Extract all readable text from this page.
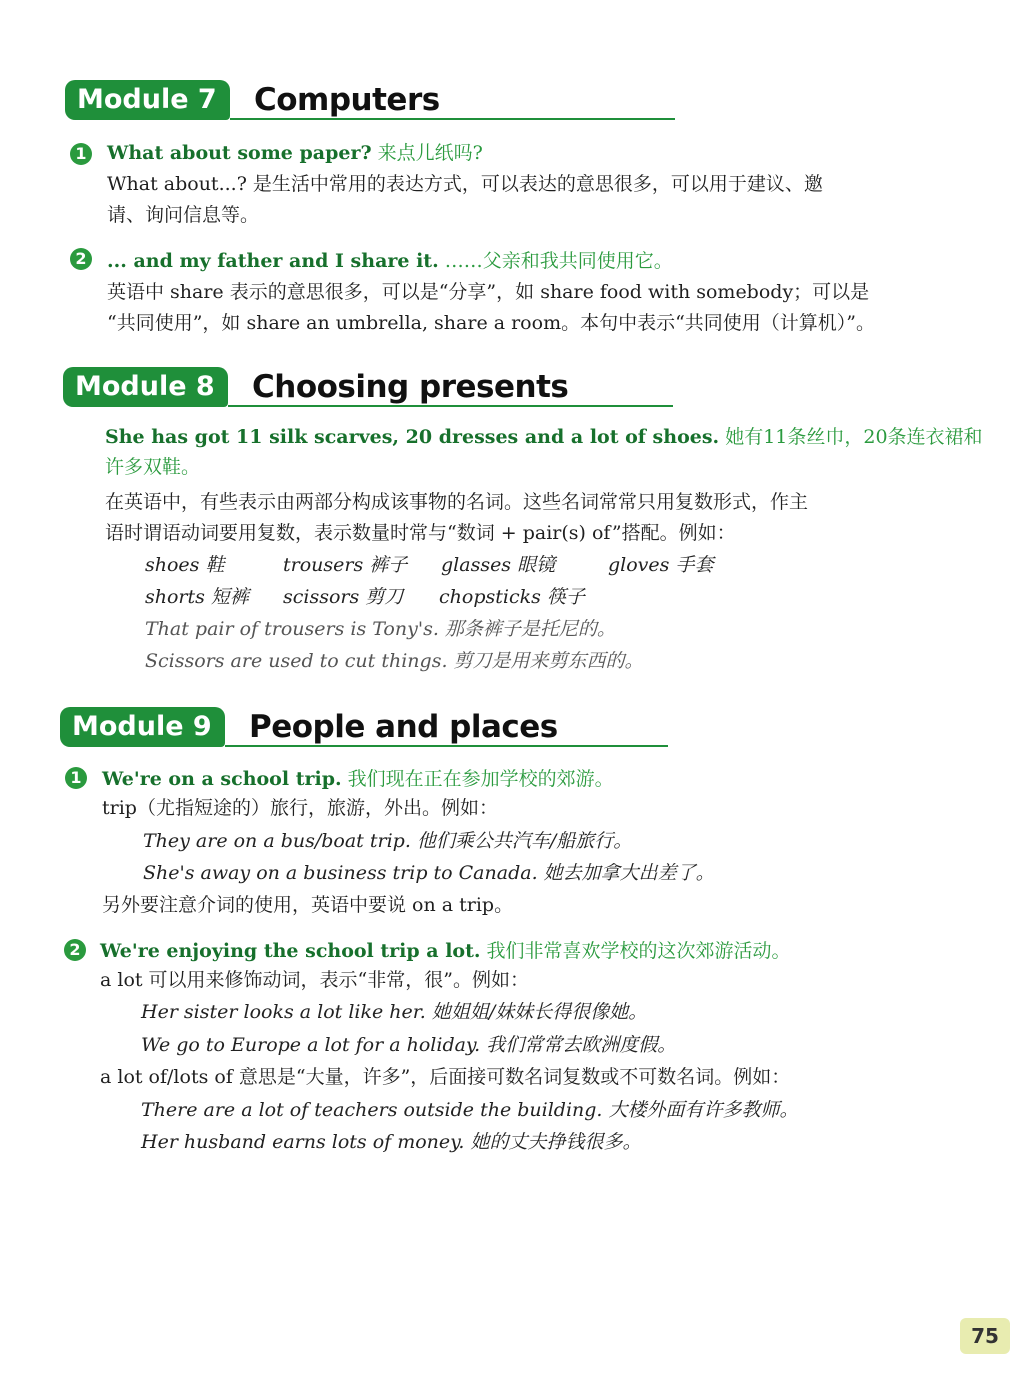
Module 7	Computers
1 What about some paper? 来点儿纸吗?
What about...? 是生活中常用的表达方式，可以表达的意思很多，可以用于建议、邀
请、询问信息等。
2 ... and my father and I share it. ……父亲和我共同使用它。
英语中 share 表示的意思很多，可以是“分享”，如 share food with somebody；可以是
“共同使用”，如 share an umbrella, share a room。本句中表示“共同使用（计算机）”。
Module 8	Choosing presents
She has got 11 silk scarves, 20 dresses and a lot of shoes. 她有11条丝巾，20条连衣裙和
许多双鞋。
在英语中，有些表示由两部分构成该事物的名词。这些名词常常只用复数形式，作主
语时谓语动词要用复数，表示数量时常与“数词 + pair(s) of”搭配。例如：
shoes 鞋	trousers 裤子 glasses 眼镜	gloves 手套
shorts 短裤 scissors 剪刀 chopsticks 筷子
That pair of trousers is Tony's. 那条裤子是托尼的。
Scissors are used to cut things. 剪刀是用来剪东西的。
Module 9	People and places
1 We're on a school trip. 我们现在正在参加学校的郊游。
trip（尤指短途的）旅行，旅游，外出。例如：
They are on a bus/boat trip. 他们乘公共汽车/船旅行。
She's away on a business trip to Canada. 她去加拿大出差了。
另外要注意介词的使用，英语中要说 on a trip。
2 We're enjoying the school trip a lot. 我们非常喜欢学校的这次郊游活动。
a lot 可以用来修饰动词，表示“非常，很”。例如：
Her sister looks a lot like her. 她姐姐/妹妹长得很像她。
We go to Europe a lot for a holiday. 我们常常去欧洲度假。
a lot of/lots of 意思是“大量，许多”，后面接可数名词复数或不可数名词。例如：
There are a lot of teachers outside the building. 大楼外面有许多教师。
Her husband earns lots of money. 她的丈夫挣钱很多。
75
